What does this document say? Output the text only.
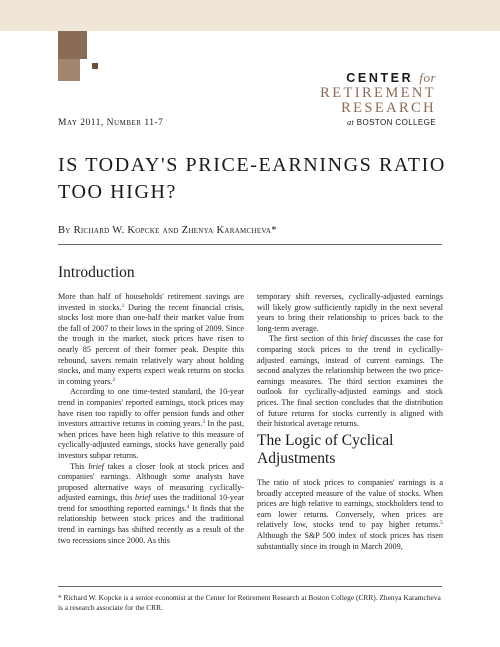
CENTER for
RETIREMENT
RESEARCH
at BOSTON COLLEGE
May 2011, Number 11-7
IS TODAY'S PRICE-EARNINGS RATIO TOO HIGH?
By Richard W. Kopcke and Zhenya Karamcheva*
Introduction

More than half of households' retirement savings are invested in stocks.$^1$ During the recent financial crisis, stocks lost more than one-half their market value from the fall of 2007 to their lows in the spring of 2009. Since the trough in the market, stock prices have risen to nearly 85 percent of their former peak. Despite this rebound, savers remain relatively wary about holding stocks, and many experts expect weak returns on stocks in coming years.$^2$

According to one time-tested standard, the 10-year trend in companies' reported earnings, stock prices may have risen too rapidly to offer pension funds and other investors attractive returns in coming years.$^3$ In the past, when prices have been high relative to this measure of cyclically-adjusted earnings, stocks have generally paid investors subpar returns.

This brief takes a closer look at stock prices and companies' earnings. Although some analysts have proposed alternative ways of measuring cyclically-adjusted earnings, this brief uses the traditional 10-year trend for smoothing reported earnings.$^4$ It finds that the relationship between stock prices and the traditional trend in earnings has shifted recently as a result of the two recessions since 2000. As this

temporary shift reverses, cyclically-adjusted earnings will likely grow sufficiently rapidly in the next several years to bring their relationship to prices back to the long-term average.

The first section of this brief discusses the case for comparing stock prices to the trend in cyclically-adjusted earnings, instead of current earnings. The second analyzes the relationship between the two price-earnings measures. The third section examines the outlook for cyclically-adjusted earnings and stock prices. The final section concludes that the distribution of future returns for stocks currently is aligned with their historical average returns.

The Logic of Cyclical Adjustments

The ratio of stock prices to companies' earnings is a broadly accepted measure of the value of stocks. When prices are high relative to earnings, stockholders tend to earn lower returns. Conversely, when prices are relatively low, stocks tend to pay higher returns.$^5$ Although the S&P 500 index of stock prices has risen substantially since its trough in March 2009,

* Richard W. Kopcke is a senior economist at the Center for Retirement Research at Boston College (CRR). Zhenya Karamcheva is a research associate for the CRR.
